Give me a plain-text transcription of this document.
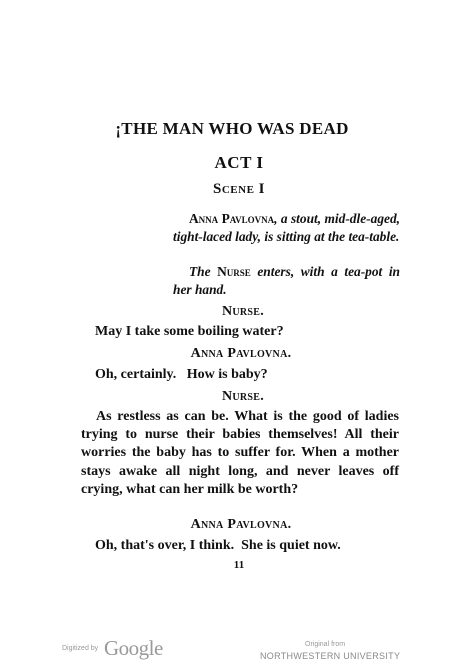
¡THE MAN WHO WAS DEAD
ACT I
Scene I
Anna Pavlovna, a stout, mid-dle-aged, tight-laced lady, is sitting at the tea-table.
The Nurse enters, with a tea-pot in her hand.
Nurse.
May I take some boiling water?
Anna Pavlovna.
Oh, certainly.   How is baby?
Nurse.
As restless as can be. What is the good of ladies trying to nurse their babies themselves! All their worries the baby has to suffer for. When a mother stays awake all night long, and never leaves off crying, what can her milk be worth?
Anna Pavlovna.
Oh, that's over, I think.  She is quiet now.
11
Digitized by Google	Original from
NORTHWESTERN UNIVERSITY
